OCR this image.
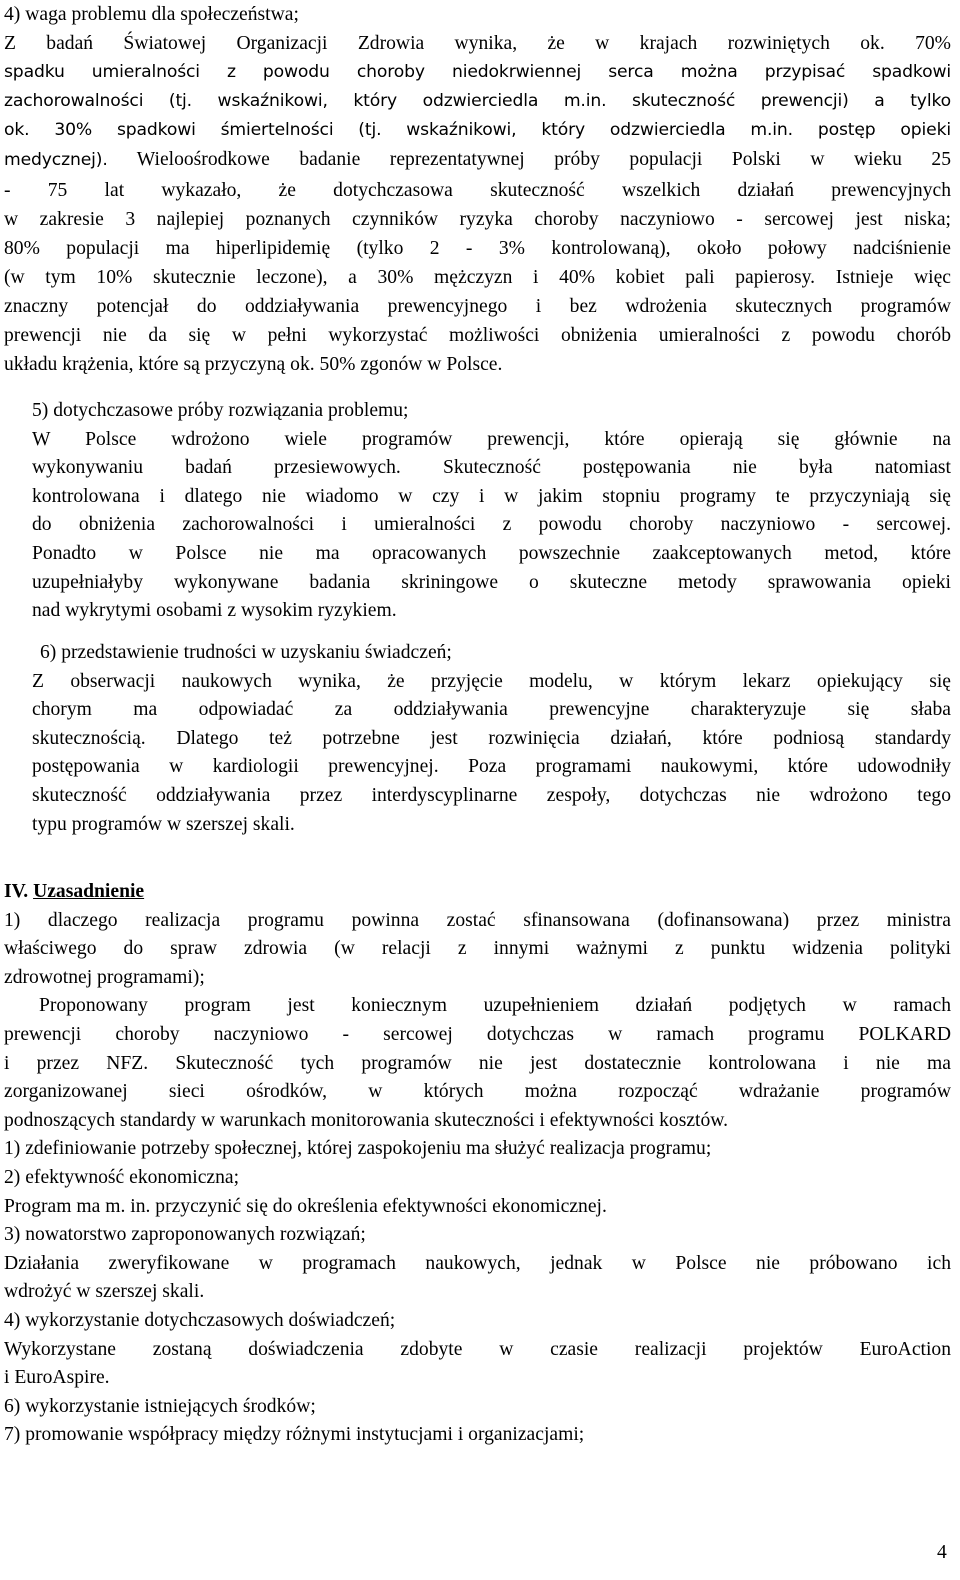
4) waga problemu dla społeczeństwa;
Z badań Światowej Organizacji Zdrowia wynika, że w krajach rozwiniętych ok. 70%
spadku umieralności z powodu choroby niedokrwiennej serca można przypisać spadkowi
zachorowalności (tj. wskaźnikowi, który odzwierciedla m.in. skuteczność prewencji) a tylko
ok. 30% spadkowi śmiertelności (tj. wskaźnikowi, który odzwierciedla m.in. postęp opieki
medycznej). Wieloośrodkowe badanie reprezentatywnej próby populacji Polski w wieku 25
- 75 lat wykazało, że dotychczasowa skuteczność wszelkich działań prewencyjnych
w zakresie 3 najlepiej poznanych czynników ryzyka choroby naczyniowo - sercowej jest niska;
80% populacji ma hiperlipidemię (tylko 2 - 3% kontrolowaną), około połowy nadciśnienie
(w tym 10% skutecznie leczone), a 30% mężczyzn i 40% kobiet pali papierosy. Istnieje więc
znaczny potencjał do oddziaływania prewencyjnego i bez wdrożenia skutecznych programów
prewencji nie da się w pełni wykorzystać możliwości obniżenia umieralności z powodu chorób
układu krążenia, które są przyczyną ok. 50% zgonów w Polsce.
5) dotychczasowe próby rozwiązania problemu;
W Polsce wdrożono wiele programów prewencji, które opierają się głównie na
wykonywaniu badań przesiewowych. Skuteczność postępowania nie była natomiast
kontrolowana i dlatego nie wiadomo w czy i w jakim stopniu programy te przyczyniają się
do obniżenia zachorowalności i umieralności z powodu choroby naczyniowo - sercowej.
Ponadto w Polsce nie ma opracowanych powszechnie zaakceptowanych metod, które
uzupełniałyby wykonywane badania skriningowe o skuteczne metody sprawowania opieki
nad wykrytymi osobami z wysokim ryzykiem.
6) przedstawienie trudności w uzyskaniu świadczeń;
Z obserwacji naukowych wynika, że przyjęcie modelu, w którym lekarz opiekujący się
chorym ma odpowiadać za oddziaływania prewencyjne charakteryzuje się słaba
skutecznością. Dlatego też potrzebne jest rozwinięcia działań, które podniosą standardy
postępowania w kardiologii prewencyjnej. Poza programami naukowymi, które udowodniły
skuteczność oddziaływania przez interdyscyplinarne zespoły, dotychczas nie wdrożono tego
typu programów w szerszej skali.
IV. Uzasadnienie
1) dlaczego realizacja programu powinna zostać sfinansowana (dofinansowana) przez ministra
właściwego do spraw zdrowia (w relacji z innymi ważnymi z punktu widzenia polityki
zdrowotnej programami);
Proponowany program jest koniecznym uzupełnieniem działań podjętych w ramach
prewencji choroby naczyniowo - sercowej dotychczas w ramach programu POLKARD
i przez NFZ. Skuteczność tych programów nie jest dostatecznie kontrolowana i nie ma
zorganizowanej sieci ośrodków, w których można rozpocząć wdrażanie programów
podnoszących standardy w warunkach monitorowania skuteczności i efektywności kosztów.
1) zdefiniowanie potrzeby społecznej, której zaspokojeniu ma służyć realizacja programu;
2) efektywność ekonomiczna;
Program ma m. in. przyczynić się do określenia efektywności ekonomicznej.
3) nowatorstwo zaproponowanych rozwiązań;
Działania zweryfikowane w programach naukowych, jednak w Polsce nie próbowano ich
wdrożyć w szerszej skali.
4) wykorzystanie dotychczasowych doświadczeń;
Wykorzystane zostaną doświadczenia zdobyte w czasie realizacji projektów EuroAction
i EuroAspire.
6) wykorzystanie istniejących środków;
7) promowanie współpracy między różnymi instytucjami i organizacjami;
4
